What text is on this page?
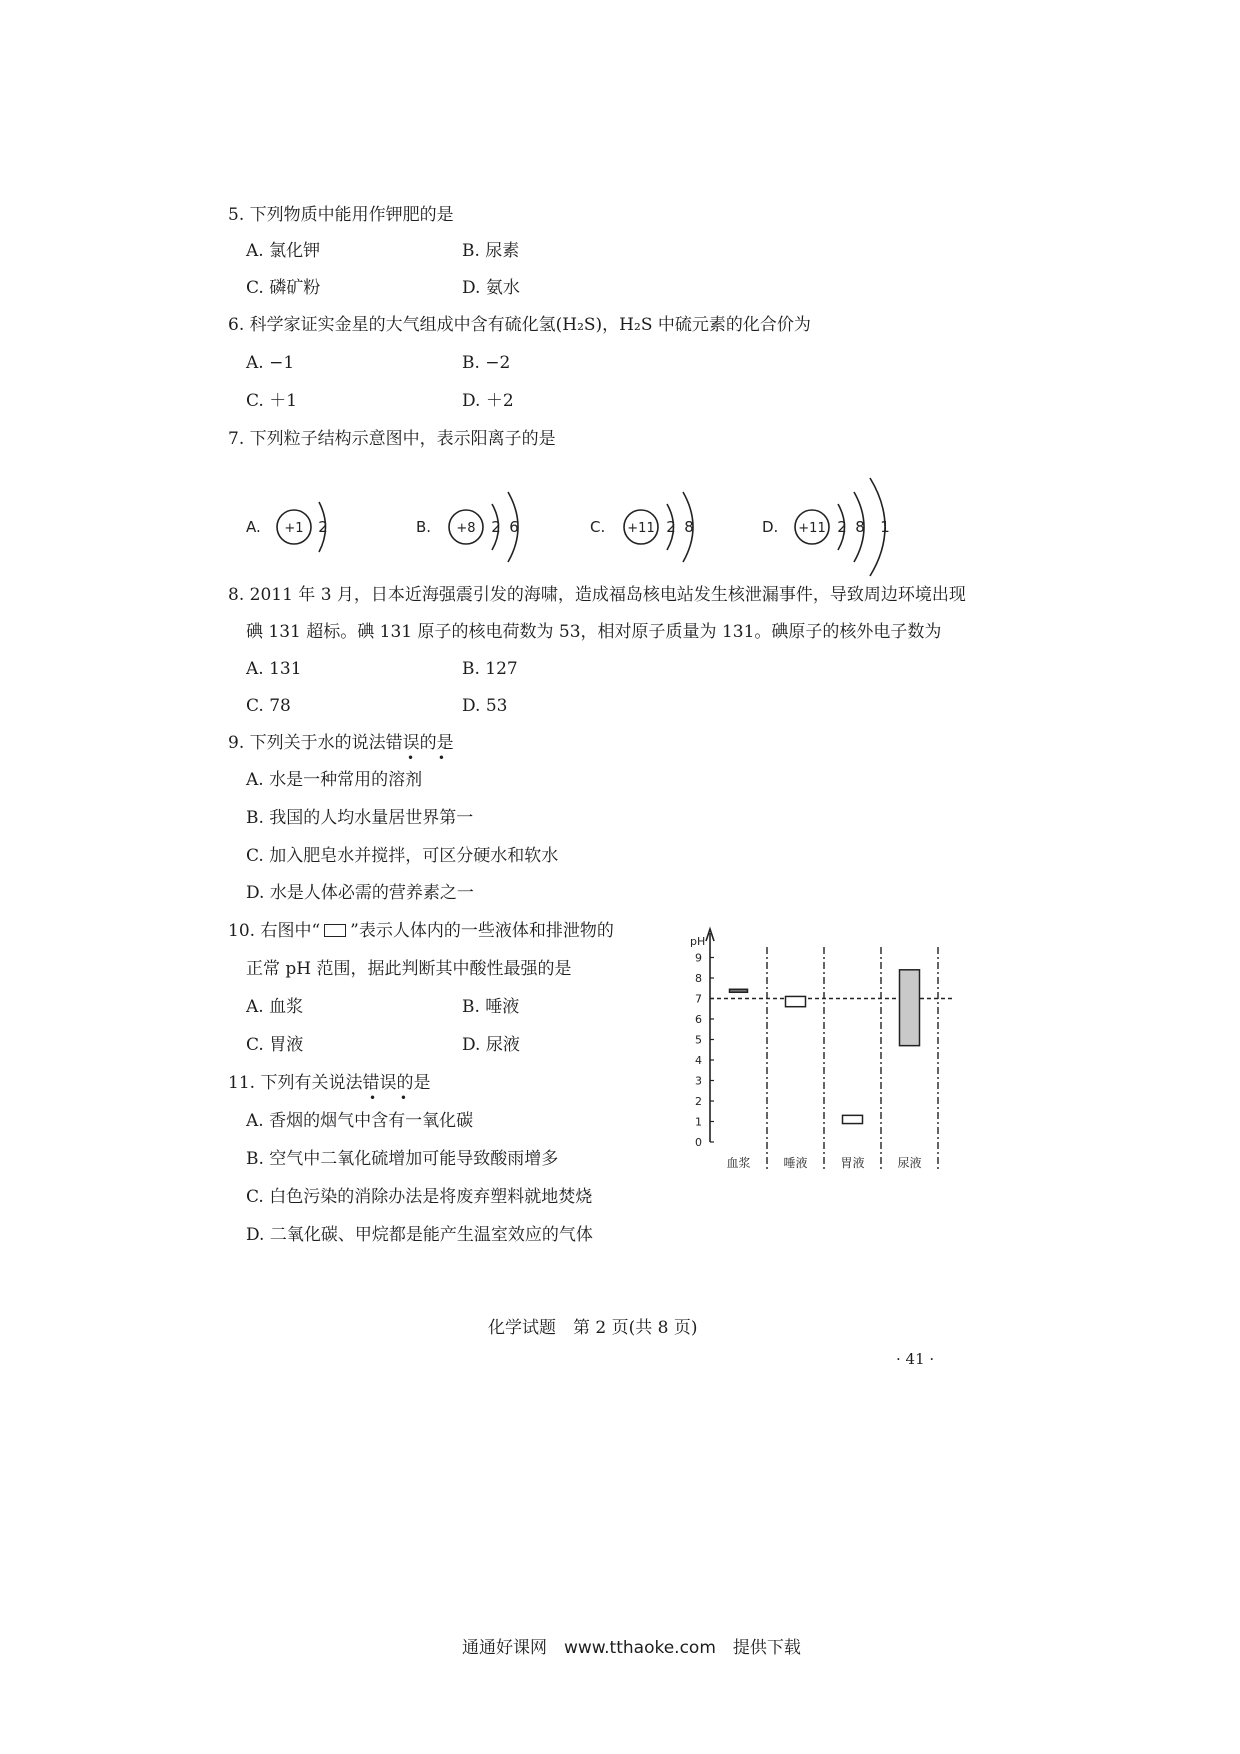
5. 下列物质中能用作钾肥的是
A. 氯化钾	B. 尿素
C. 磷矿粉	D. 氨水
6. 科学家证实金星的大气组成中含有硫化氢(H₂S)，H₂S 中硫元素的化合价为
A. −1	B. −2
C. ＋1	D. ＋2
7. 下列粒子结构示意图中，表示阳离子的是
A. +1 2	B. +8 2 6	C. +11 2 8	D. +11 2 8 1
8. 2011 年 3 月，日本近海强震引发的海啸，造成福岛核电站发生核泄漏事件，导致周边环境出现
碘 131 超标。碘 131 原子的核电荷数为 53，相对原子质量为 131。碘原子的核外电子数为
A. 131	B. 127
C. 78	D. 53
9. 下列关于水的说法错误的是
• •
A. 水是一种常用的溶剂
B. 我国的人均水量居世界第一
C. 加入肥皂水并搅拌，可区分硬水和软水
D. 水是人体必需的营养素之一
10. 右图中“ ”表示人体内的一些液体和排泄物的
正常 pH 范围，据此判断其中酸性最强的是
A. 血浆	B. 唾液
C. 胃液	D. 尿液
pH
0
1
2
3
4
5
6
7
8
9
血浆	唾液	胃液	尿液
11. 下列有关说法错误的是
• •
A. 香烟的烟气中含有一氧化碳
B. 空气中二氧化硫增加可能导致酸雨增多
C. 白色污染的消除办法是将废弃塑料就地焚烧
D. 二氧化碳、甲烷都是能产生温室效应的气体
化学试题　第 2 页(共 8 页)
· 41 ·
通通好课网　www.tthaoke.com　提供下载
